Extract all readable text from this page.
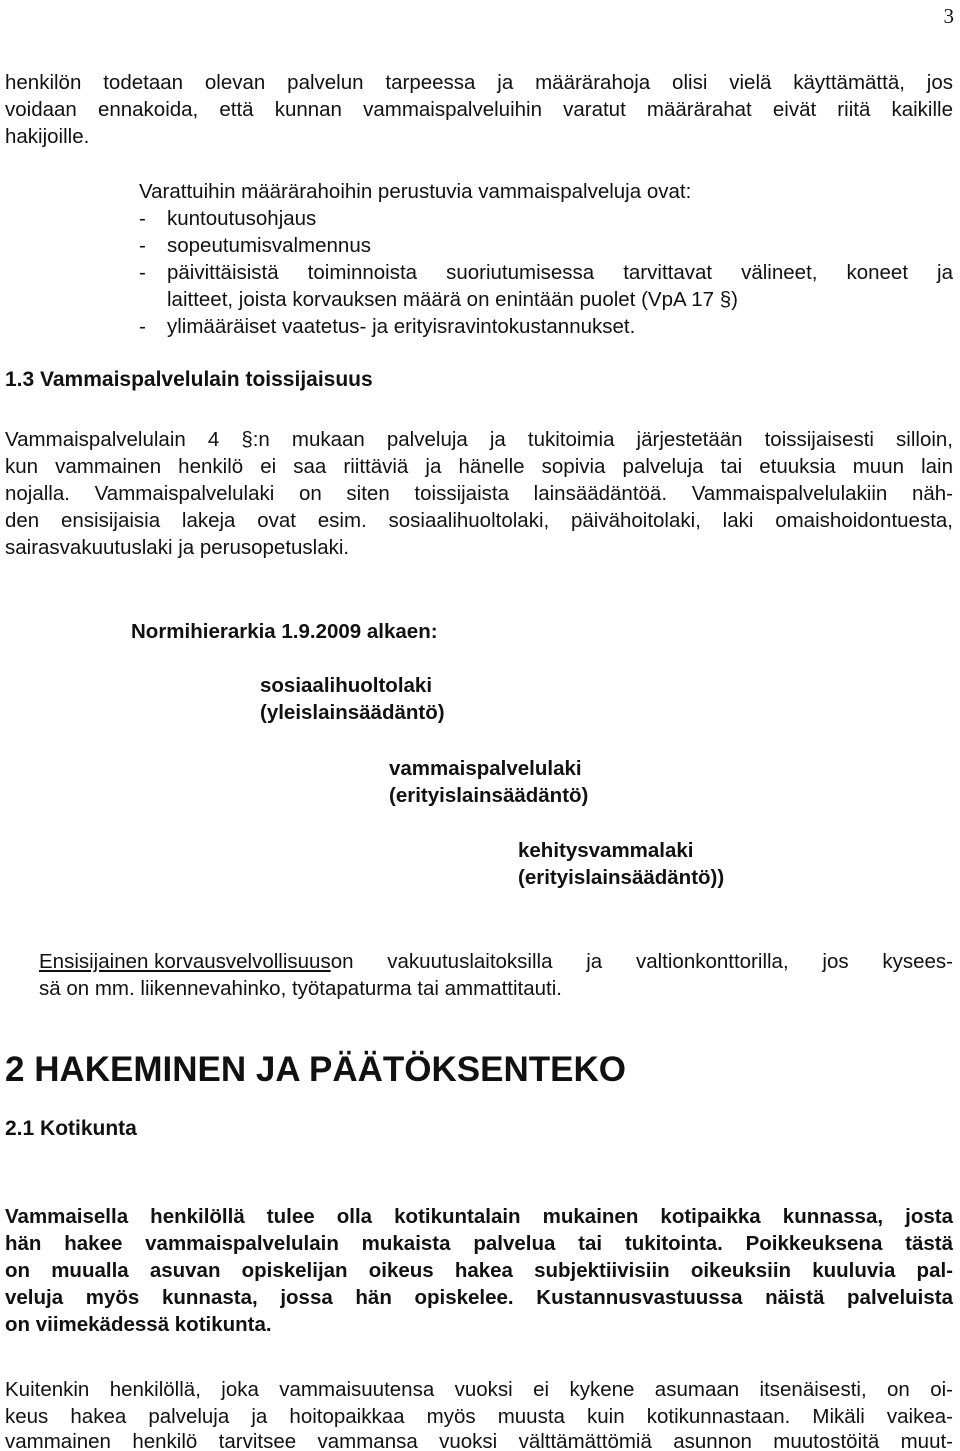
3
henkilön todetaan olevan palvelun tarpeessa ja määrärahoja olisi vielä käyttämättä, jos
voidaan ennakoida, että kunnan vammaispalveluihin varatut määrärahat eivät riitä kaikille
hakijoille.
Varattuihin määrärahoihin perustuvia vammaispalveluja ovat:
- kuntoutusohjaus
- sopeutumisvalmennus
- päivittäisistä toiminnoista suoriutumisessa tarvittavat välineet, koneet ja
laitteet, joista korvauksen määrä on enintään puolet (VpA 17 §)
- ylimääräiset vaatetus- ja erityisravintokustannukset.
1.3 Vammaispalvelulain toissijaisuus
Vammaispalvelulain 4 §:n mukaan palveluja ja tukitoimia järjestetään toissijaisesti silloin,
kun vammainen henkilö ei saa riittäviä ja hänelle sopivia palveluja tai etuuksia muun lain
nojalla. Vammaispalvelulaki on siten toissijaista lainsäädäntöä. Vammaispalvelulakiin näh-
den ensisijaisia lakeja ovat esim. sosiaalihuoltolaki, päivähoitolaki, laki omaishoidontuesta,
sairasvakuutuslaki ja perusopetuslaki.
Normihierarkia 1.9.2009 alkaen:
sosiaalihuoltolaki
(yleislainsäädäntö)
vammaispalvelulaki
(erityislainsäädäntö)
kehitysvammalaki
(erityislainsäädäntö))
Ensisijainen korvausvelvollisuus on vakuutuslaitoksilla ja valtionkonttorilla, jos kysees-
sä on mm. liikennevahinko, työtapaturma tai ammattitauti.
2 HAKEMINEN JA PÄÄTÖKSENTEKO
2.1 Kotikunta
Vammaisella henkilöllä tulee olla kotikuntalain mukainen kotipaikka kunnassa, josta
hän hakee vammaispalvelulain mukaista palvelua tai tukitointa. Poikkeuksena tästä
on muualla asuvan opiskelijan oikeus hakea subjektiivisiin oikeuksiin kuuluvia pal-
veluja myös kunnasta, jossa hän opiskelee. Kustannusvastuussa näistä palveluista
on viimekädessä kotikunta.
Kuitenkin henkilöllä, joka vammaisuutensa vuoksi ei kykene asumaan itsenäisesti, on oi-
keus hakea palveluja ja hoitopaikkaa myös muusta kuin kotikunnastaan. Mikäli vaikea-
vammainen henkilö tarvitsee vammansa vuoksi välttämättömiä asunnon muutostöitä muut-
